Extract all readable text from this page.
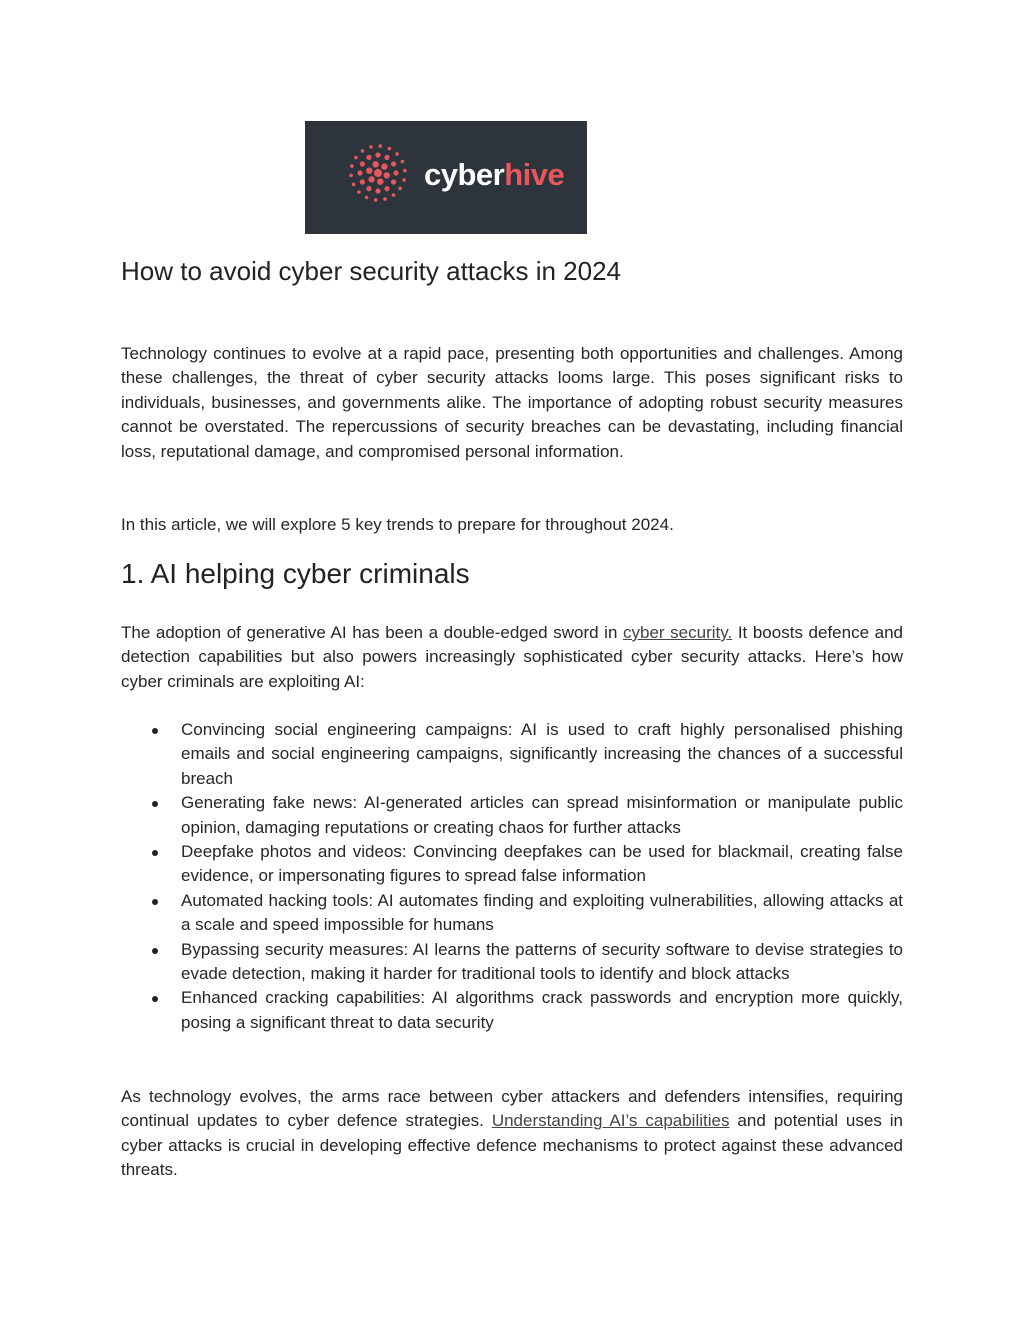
cyberhive
How to avoid cyber security attacks in 2024

Technology continues to evolve at a rapid pace, presenting both opportunities and challenges. Among these challenges, the threat of cyber security attacks looms large. This poses significant risks to individuals, businesses, and governments alike. The importance of adopting robust security measures cannot be overstated. The repercussions of security breaches can be devastating, including financial loss, reputational damage, and compromised personal information.

In this article, we will explore 5 key trends to prepare for throughout 2024.

1. AI helping cyber criminals

The adoption of generative AI has been a double-edged sword in cyber security. It boosts defence and detection capabilities but also powers increasingly sophisticated cyber security attacks. Here’s how cyber criminals are exploiting AI:

Convincing social engineering campaigns: AI is used to craft highly personalised phishing emails and social engineering campaigns, significantly increasing the chances of a successful breach
Generating fake news: AI-generated articles can spread misinformation or manipulate public opinion, damaging reputations or creating chaos for further attacks
Deepfake photos and videos: Convincing deepfakes can be used for blackmail, creating false evidence, or impersonating figures to spread false information
Automated hacking tools: AI automates finding and exploiting vulnerabilities, allowing attacks at a scale and speed impossible for humans
Bypassing security measures: AI learns the patterns of security software to devise strategies to evade detection, making it harder for traditional tools to identify and block attacks
Enhanced cracking capabilities: AI algorithms crack passwords and encryption more quickly, posing a significant threat to data security

As technology evolves, the arms race between cyber attackers and defenders intensifies, requiring continual updates to cyber defence strategies. Understanding AI’s capabilities and potential uses in cyber attacks is crucial in developing effective defence mechanisms to protect against these advanced threats.
